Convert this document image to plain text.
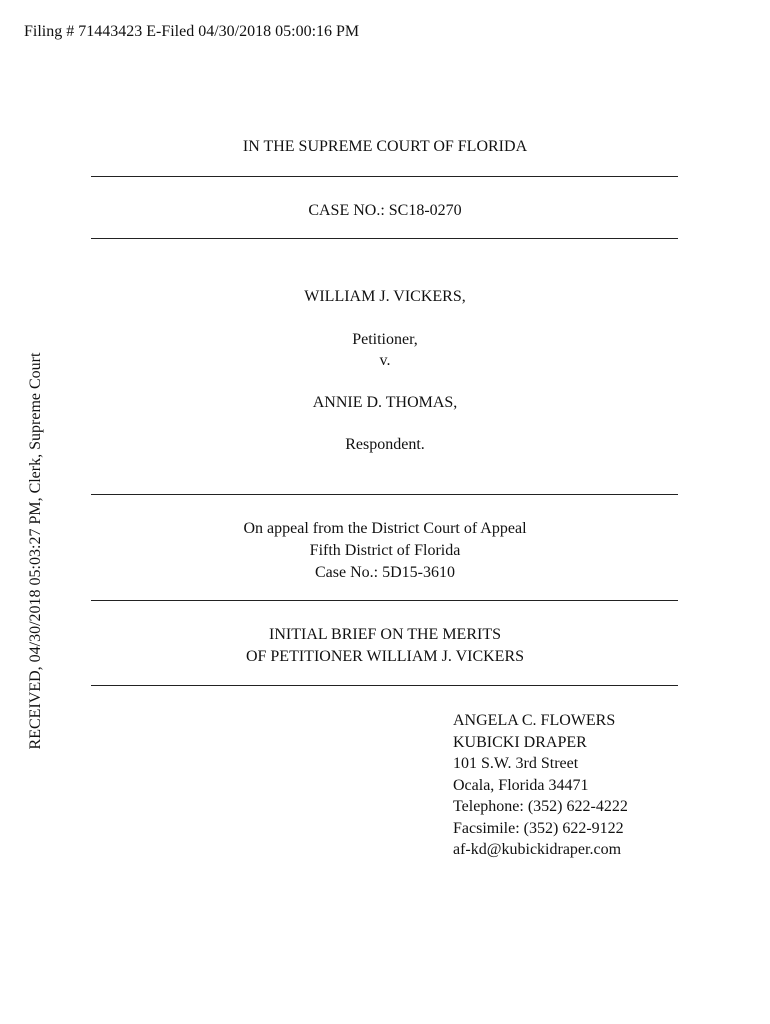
Filing # 71443423 E-Filed 04/30/2018 05:00:16 PM
RECEIVED, 04/30/2018 05:03:27 PM, Clerk, Supreme Court
IN THE SUPREME COURT OF FLORIDA
CASE NO.: SC18-0270
WILLIAM J. VICKERS,
Petitioner,
v.
ANNIE D. THOMAS,
Respondent.
On appeal from the District Court of Appeal
Fifth District of Florida
Case No.: 5D15-3610
INITIAL BRIEF ON THE MERITS
OF PETITIONER WILLIAM J. VICKERS
ANGELA C. FLOWERS
KUBICKI DRAPER
101 S.W. 3rd Street
Ocala, Florida 34471
Telephone: (352) 622-4222
Facsimile: (352) 622-9122
af-kd@kubickidraper.com
